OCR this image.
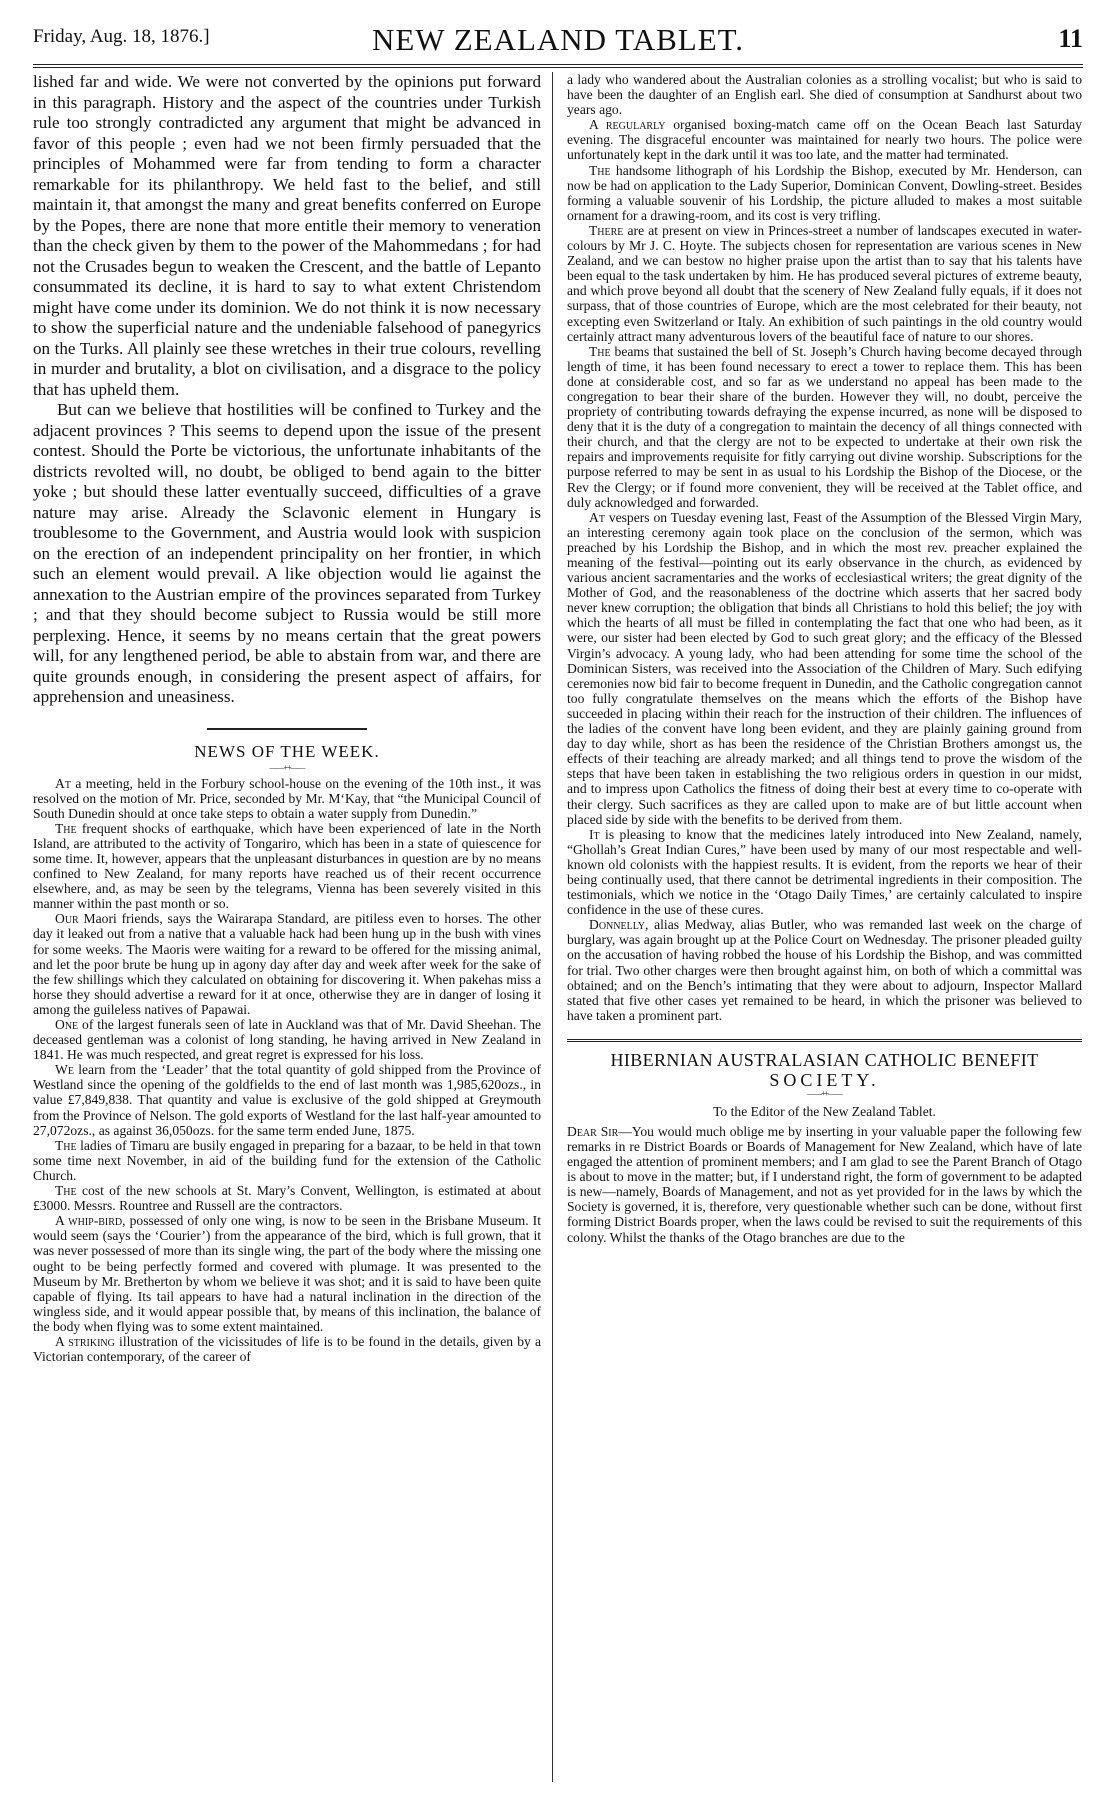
Friday, Aug. 18, 1876.]	NEW ZEALAND TABLET.	11

lished far and wide. We were not converted by the opinions put forward in this paragraph. History and the aspect of the countries under Turkish rule too strongly contradicted any argument that might be advanced in favor of this people ; even had we not been firmly persuaded that the principles of Mohammed were far from tending to form a character remarkable for its philanthropy. We held fast to the belief, and still maintain it, that amongst the many and great benefits conferred on Europe by the Popes, there are none that more entitle their memory to veneration than the check given by them to the power of the Mahommedans ; for had not the Crusades begun to weaken the Crescent, and the battle of Lepanto consummated its decline, it is hard to say to what extent Christendom might have come under its dominion. We do not think it is now necessary to show the superficial nature and the undeniable falsehood of panegyrics on the Turks. All plainly see these wretches in their true colours, revelling in murder and brutality, a blot on civilisation, and a disgrace to the policy that has upheld them.

But can we believe that hostilities will be confined to Turkey and the adjacent provinces ? This seems to depend upon the issue of the present contest. Should the Porte be victorious, the unfortunate inhabitants of the districts revolted will, no doubt, be obliged to bend again to the bitter yoke ; but should these latter eventually succeed, difficulties of a grave nature may arise. Already the Sclavonic element in Hungary is troublesome to the Government, and Austria would look with suspicion on the erection of an independent principality on her frontier, in which such an element would prevail. A like objection would lie against the annexation to the Austrian empire of the provinces separated from Turkey ; and that they should become subject to Russia would be still more perplexing. Hence, it seems by no means certain that the great powers will, for any lengthened period, be able to abstain from war, and there are quite grounds enough, in considering the present aspect of affairs, for apprehension and uneasiness.

NEWS OF THE WEEK.
——++——

At a meeting, held in the Forbury school-house on the evening of the 10th inst., it was resolved on the motion of Mr. Price, seconded by Mr. M‘Kay, that “the Municipal Council of South Dunedin should at once take steps to obtain a water supply from Dunedin.”

The frequent shocks of earthquake, which have been experienced of late in the North Island, are attributed to the activity of Tongariro, which has been in a state of quiescence for some time. It, however, appears that the unpleasant disturbances in question are by no means confined to New Zealand, for many reports have reached us of their recent occurrence elsewhere, and, as may be seen by the telegrams, Vienna has been severely visited in this manner within the past month or so.

Our Maori friends, says the Wairarapa Standard, are pitiless even to horses. The other day it leaked out from a native that a valuable hack had been hung up in the bush with vines for some weeks. The Maoris were waiting for a reward to be offered for the missing animal, and let the poor brute be hung up in agony day after day and week after week for the sake of the few shillings which they calculated on obtaining for discovering it. When pakehas miss a horse they should advertise a reward for it at once, otherwise they are in danger of losing it among the guileless natives of Papawai.

One of the largest funerals seen of late in Auckland was that of Mr. David Sheehan. The deceased gentleman was a colonist of long standing, he having arrived in New Zealand in 1841. He was much respected, and great regret is expressed for his loss.

We learn from the ‘Leader’ that the total quantity of gold shipped from the Province of Westland since the opening of the goldfields to the end of last month was 1,985,620ozs., in value £7,849,838. That quantity and value is exclusive of the gold shipped at Greymouth from the Province of Nelson. The gold exports of Westland for the last half-year amounted to 27,072ozs., as against 36,050ozs. for the same term ended June, 1875.

The ladies of Timaru are busily engaged in preparing for a bazaar, to be held in that town some time next November, in aid of the building fund for the extension of the Catholic Church.

The cost of the new schools at St. Mary’s Convent, Wellington, is estimated at about £3000. Messrs. Rountree and Russell are the contractors.

A whip-bird, possessed of only one wing, is now to be seen in the Brisbane Museum. It would seem (says the ‘Courier’) from the appearance of the bird, which is full grown, that it was never possessed of more than its single wing, the part of the body where the missing one ought to be being perfectly formed and covered with plumage. It was presented to the Museum by Mr. Bretherton by whom we believe it was shot; and it is said to have been quite capable of flying. Its tail appears to have had a natural inclination in the direction of the wingless side, and it would appear possible that, by means of this inclination, the balance of the body when flying was to some extent maintained.

A striking illustration of the vicissitudes of life is to be found in the details, given by a Victorian contemporary, of the career of

a lady who wandered about the Australian colonies as a strolling vocalist; but who is said to have been the daughter of an English earl. She died of consumption at Sandhurst about two years ago.

A regularly organised boxing-match came off on the Ocean Beach last Saturday evening. The disgraceful encounter was maintained for nearly two hours. The police were unfortunately kept in the dark until it was too late, and the matter had terminated.

The handsome lithograph of his Lordship the Bishop, executed by Mr. Henderson, can now be had on application to the Lady Superior, Dominican Convent, Dowling-street. Besides forming a valuable souvenir of his Lordship, the picture alluded to makes a most suitable ornament for a drawing-room, and its cost is very trifling.

There are at present on view in Princes-street a number of landscapes executed in water-colours by Mr J. C. Hoyte. The subjects chosen for representation are various scenes in New Zealand, and we can bestow no higher praise upon the artist than to say that his talents have been equal to the task undertaken by him. He has produced several pictures of extreme beauty, and which prove beyond all doubt that the scenery of New Zealand fully equals, if it does not surpass, that of those countries of Europe, which are the most celebrated for their beauty, not excepting even Switzerland or Italy. An exhibition of such paintings in the old country would certainly attract many adventurous lovers of the beautiful face of nature to our shores.

The beams that sustained the bell of St. Joseph’s Church having become decayed through length of time, it has been found necessary to erect a tower to replace them. This has been done at considerable cost, and so far as we understand no appeal has been made to the congregation to bear their share of the burden. However they will, no doubt, perceive the propriety of contributing towards defraying the expense incurred, as none will be disposed to deny that it is the duty of a congregation to maintain the decency of all things connected with their church, and that the clergy are not to be expected to undertake at their own risk the repairs and improvements requisite for fitly carrying out divine worship. Subscriptions for the purpose referred to may be sent in as usual to his Lordship the Bishop of the Diocese, or the Rev the Clergy; or if found more convenient, they will be received at the Tablet office, and duly acknowledged and forwarded.

At vespers on Tuesday evening last, Feast of the Assumption of the Blessed Virgin Mary, an interesting ceremony again took place on the conclusion of the sermon, which was preached by his Lordship the Bishop, and in which the most rev. preacher explained the meaning of the festival—pointing out its early observance in the church, as evidenced by various ancient sacramentaries and the works of ecclesiastical writers; the great dignity of the Mother of God, and the reasonableness of the doctrine which asserts that her sacred body never knew corruption; the obligation that binds all Christians to hold this belief; the joy with which the hearts of all must be filled in contemplating the fact that one who had been, as it were, our sister had been elected by God to such great glory; and the efficacy of the Blessed Virgin’s advocacy. A young lady, who had been attending for some time the school of the Dominican Sisters, was received into the Association of the Children of Mary. Such edifying ceremonies now bid fair to become frequent in Dunedin, and the Catholic congregation cannot too fully congratulate themselves on the means which the efforts of the Bishop have succeeded in placing within their reach for the instruction of their children. The influences of the ladies of the convent have long been evident, and they are plainly gaining ground from day to day while, short as has been the residence of the Christian Brothers amongst us, the effects of their teaching are already marked; and all things tend to prove the wisdom of the steps that have been taken in establishing the two religious orders in question in our midst, and to impress upon Catholics the fitness of doing their best at every time to co-operate with their clergy. Such sacrifices as they are called upon to make are of but little account when placed side by side with the benefits to be derived from them.

It is pleasing to know that the medicines lately introduced into New Zealand, namely, “Ghollah’s Great Indian Cures,” have been used by many of our most respectable and well-known old colonists with the happiest results. It is evident, from the reports we hear of their being continually used, that there cannot be detrimental ingredients in their composition. The testimonials, which we notice in the ‘Otago Daily Times,’ are certainly calculated to inspire confidence in the use of these cures.

Donnelly, alias Medway, alias Butler, who was remanded last week on the charge of burglary, was again brought up at the Police Court on Wednesday. The prisoner pleaded guilty on the accusation of having robbed the house of his Lordship the Bishop, and was committed for trial. Two other charges were then brought against him, on both of which a committal was obtained; and on the Bench’s intimating that they were about to adjourn, Inspector Mallard stated that five other cases yet remained to be heard, in which the prisoner was believed to have taken a prominent part.

HIBERNIAN AUSTRALASIAN CATHOLIC BENEFIT
SOCIETY.
——++——
To the Editor of the New Zealand Tablet.

Dear Sir—You would much oblige me by inserting in your valuable paper the following few remarks in re District Boards or Boards of Management for New Zealand, which have of late engaged the attention of prominent members; and I am glad to see the Parent Branch of Otago is about to move in the matter; but, if I understand right, the form of government to be adapted is new—namely, Boards of Management, and not as yet provided for in the laws by which the Society is governed, it is, therefore, very questionable whether such can be done, without first forming District Boards proper, when the laws could be revised to suit the requirements of this colony. Whilst the thanks of the Otago branches are due to the
